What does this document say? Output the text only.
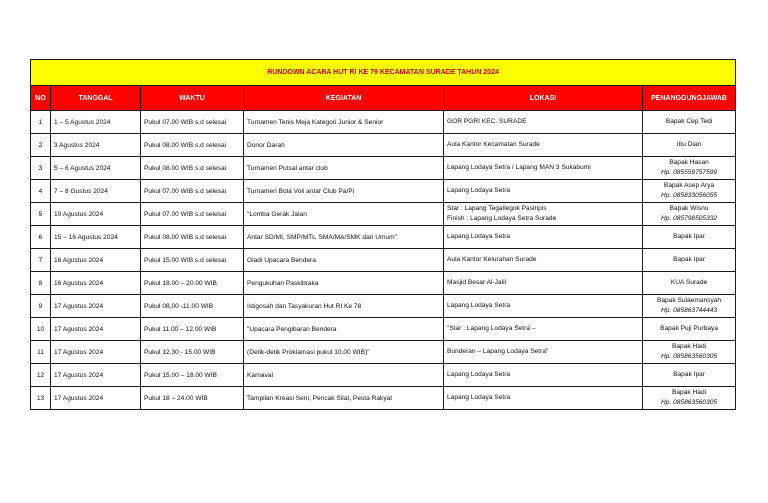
RUNDOWN ACARA HUT RI KE 79 KECAMATAN SURADE TAHUN 2024					
NO	TANGGAL	WAKTU	KEGIATAN	LOKASI	PENANGGUNGJAWAB
1	1 – 5 Agustus 2024	Pukul 07.00 WIB s.d selesai	Turnamen Tenis Meja Kategori Junior & Senior	GOR PGRI KEC. SURADE	Bapak Cep Tedi

2	3 Agustus 2024	Pukul 08.00 WIB s.d selesai	Donor Darah	Aula Kantor Kecamatan Surade	Ibu Dian

3	5 – 6 Agustus 2024	Pukul 08.00 WIB s.d selesai	Turnamen Putsal antar club	Lapang Lodaya Setra / Lapang MAN 3 Sukabumi	Bapak Hasan
Hp. 085559757599

4	7 – 8 Gustus 2024	Pukul 07.00 WIB s.d selesai	Turnamen Bola Voli antar Club Pa/Pi	Lapang Lodaya Setra	Bapak Asep Arya
Hp. 085833056055

5	10 Agustus 2024	Pukul 07.00 WIB s.d selesai	"Lomba Gerak Jalan	Star : Lapang Tegallegok Pasiripis
Finish : Lapang Lodaya Setra Surade	Bapak Wisnu
Hp. 085798505332

6	15 – 16 Agustus 2024	Pukul 08.00 WIB s.d selesai	Antar SD/MI, SMP/MTs, SMA/MA/SMK dan Umum"	Lapang Lodaya Setra	Bapak Ipar

7	16 Agustus 2024	Pukul 15.00 WIB s.d selesai	Gladi Upacara Bendera	Aula Kantor Kelurahan Surade	Bapak Ipar

8	16 Agustus 2024	Pukul 18.00 – 20.00 WIB	Pengukuhan Paskibraka	Masjid Besar Al-Jalil	KUA Surade

9	17 Agustus 2024	Pukul 08.00 -11.00 WIB	Istigosah dan Tasyakuran Hut RI Ke 78	Lapang Lodaya Setra	Bapak Sulaemansyah
Hp. 085863744443

10	17 Agustus 2024	Pukul 11.00 – 12.00 WIB	"Upacara Pengibaran Bendera	"Star : Lapang Lodaya Setra –	Bapak Puji Purbaya

11	17 Agustus 2024	Pukul 12.30 - 15.00 WIB	(Detik-detik Proklamasi pukul 10.00 WIB)"	Bunderan – Lapang Lodaya Setra"	Bapak Hadi
Hp. 085863560305

12	17 Agustus 2024	Pukul 15.00 – 18.00 WIB	Karnaval	Lapang Lodaya Setra	Bapak Ipar

13	17 Agustus 2024	Pukul 18 – 24.00 WIB	Tampilan Kreasi Seni, Pencak Silat, Pesta Rakyat	Lapang Lodaya Setra	Bapak Hadi
Hp. 085863560305
